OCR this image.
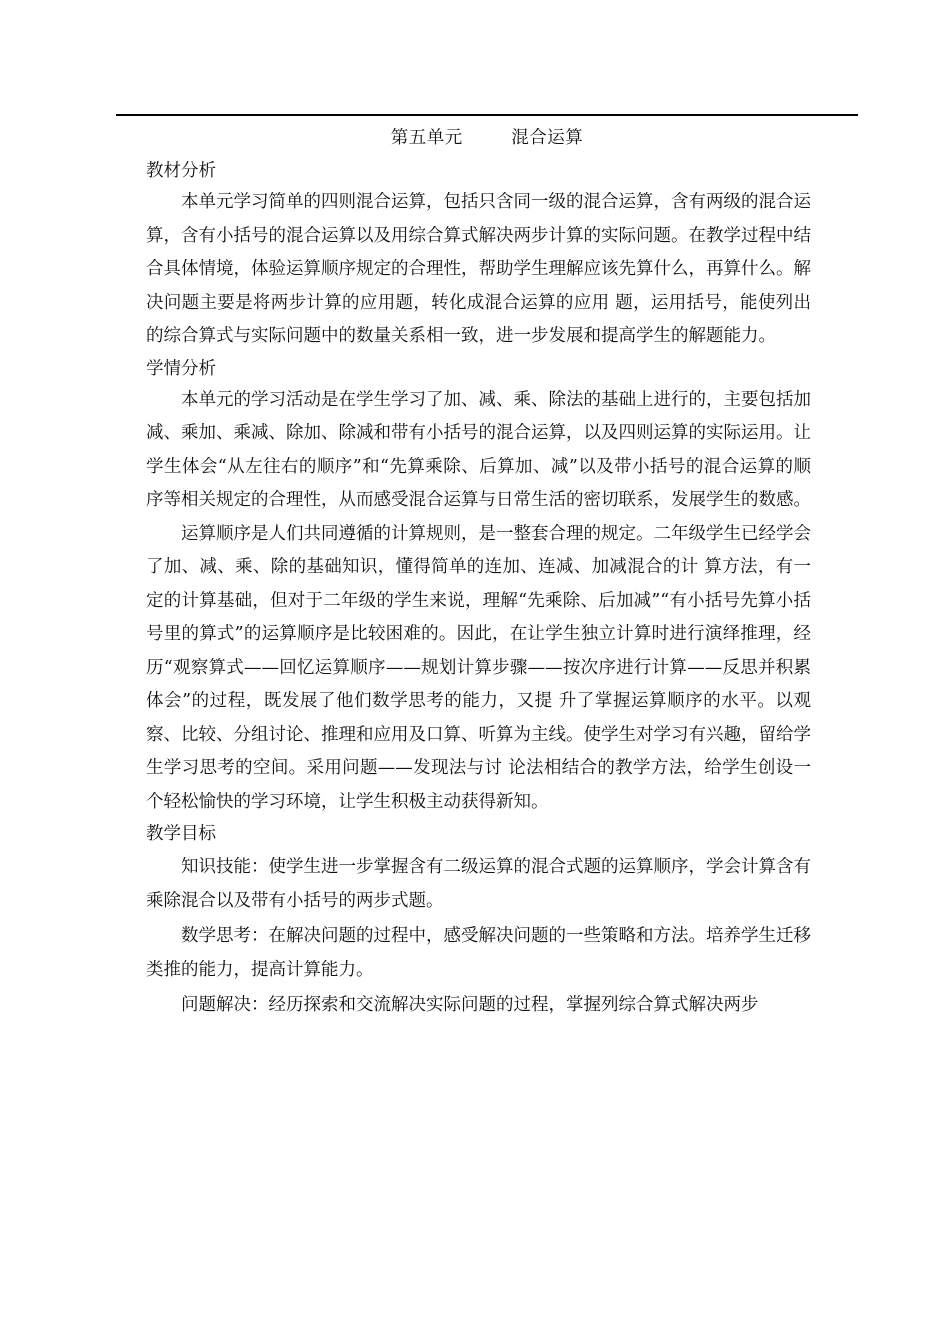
第五单元        混合运算
教材分析

本单元学习简单的四则混合运算，包括只含同一级的混合运算，含有两级的混合运算，含有小括号的混合运算以及用综合算式解决两步计算的实际问题。在教学过程中结合具体情境，体验运算顺序规定的合理性，帮助学生理解应该先算什么，再算什么。解决问题主要是将两步计算的应用题，转化成混合运算的应用 题，运用括号，能使列出的综合算式与实际问题中的数量关系相一致，进一步发展和提高学生的解题能力。

学情分析

本单元的学习活动是在学生学习了加、减、乘、除法的基础上进行的，主要包括加减、乘加、乘减、除加、除减和带有小括号的混合运算，以及四则运算的实际运用。让学生体会“从左往右的顺序”和“先算乘除、后算加、减”以及带小括号的混合运算的顺序等相关规定的合理性，从而感受混合运算与日常生活的密切联系，发展学生的数感。

运算顺序是人们共同遵循的计算规则，是一整套合理的规定。二年级学生已经学会了加、减、乘、除的基础知识，懂得简单的连加、连减、加减混合的计 算方法，有一定的计算基础，但对于二年级的学生来说，理解“先乘除、后加减”“有小括号先算小括号里的算式”的运算顺序是比较困难的。因此，在让学生独立计算时进行演绎推理，经历“观察算式——回忆运算顺序——规划计算步骤——按次序进行计算——反思并积累体会”的过程，既发展了他们数学思考的能力，又提 升了掌握运算顺序的水平。以观察、比较、分组讨论、推理和应用及口算、听算为主线。使学生对学习有兴趣，留给学生学习思考的空间。采用问题——发现法与讨 论法相结合的教学方法，给学生创设一个轻松愉快的学习环境，让学生积极主动获得新知。

教学目标

知识技能：使学生进一步掌握含有二级运算的混合式题的运算顺序，学会计算含有乘除混合以及带有小括号的两步式题。

数学思考：在解决问题的过程中，感受解决问题的一些策略和方法。培养学生迁移类推的能力，提高计算能力。

问题解决：经历探索和交流解决实际问题的过程，掌握列综合算式解决两步
